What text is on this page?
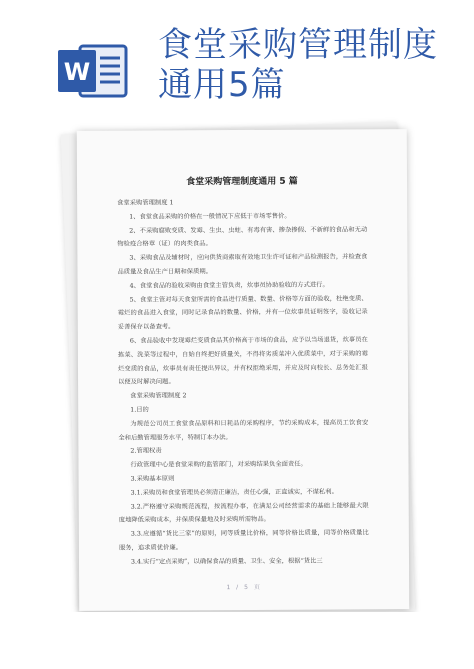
W
食堂采购管理制度
通用5篇
食堂采购管理制度通用 5 篇

食堂采购管理制度 1

1、食堂食品采购的价格在一般情况下应低于市场零售价。

2、不采购腐败变质、发霉、生虫、虫蛀、有毒有害、掺杂掺假、不新鲜的食品和无动物检疫合格章（证）的肉类食品。

3、采购食品及辅材时，应向供货商索取有效地卫生许可证和产品检测报告，并检查食品质量及食品生产日期和保质期。

4、食堂食品的验收采购由食堂主管负责，炊事员协助验收的方式进行。

5、食堂主管对每天食堂所需的食品进行质量、数量、价格等方面的验收，杜绝变质、霉烂的食品进入食堂，同时记录食品的数量、价格，并有一位炊事员证明签字，验收记录妥善保存以备查考。

6、食品验收中发现霉烂变质食品其价格高于市场的食品，应予以当场退货，炊事员在拣菜、洗菜等过程中，自始自终把好质量关，不得将劣质菜冲入优质菜中，对于采购的霉烂变质的食品，炊事员有责任提出异议，并有权拒绝采用，并应及时向校长、总务处汇报以便及时解决问题。

食堂采购管理制度 2

1.目的

为规范公司员工食堂食品原料和日耗品的采购程序，节约采购成本，提高员工饮食安全和后勤管理服务水平，特制订本办法。

2.管理权责

行政管理中心是食堂采购的监管部门，对采购结果负全面责任。

3.采购基本原则

3.1.采购员和食堂管理员必须清正廉洁，责任心强，正直诚实，不谋私利。

3.2.严格遵守采购规范流程，按流程办事，在满足公司经营需求的基础上能够最大限度地降低采购成本，并保质保量地及时采购所需物品。

3.3.应遵循“货比三家”的原则，同等质量比价格，同等价格比质量，同等价格质量比服务，追求质优价廉。

3.4.实行“定点采购”，以确保食品的质量、卫生、安全，根据“货比三

1 / 5 页
